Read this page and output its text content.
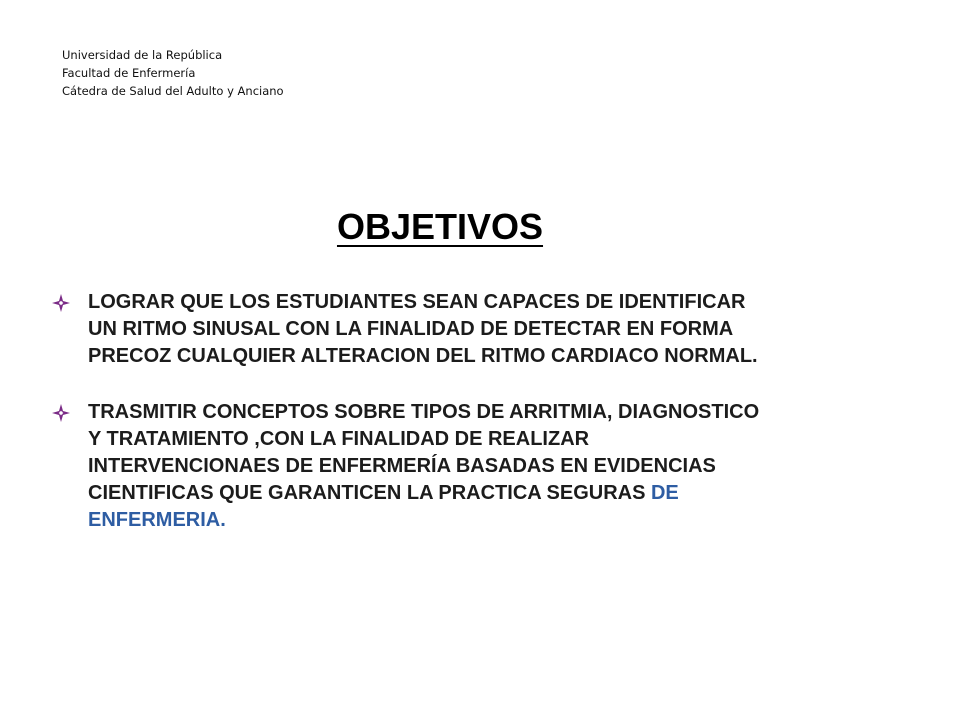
Universidad de la República
Facultad de Enfermería
Cátedra de Salud del Adulto y Anciano
OBJETIVOS
LOGRAR QUE LOS ESTUDIANTES SEAN CAPACES DE IDENTIFICAR
UN RITMO SINUSAL CON LA FINALIDAD DE DETECTAR EN FORMA
PRECOZ CUALQUIER ALTERACION DEL RITMO CARDIACO NORMAL.
TRASMITIR CONCEPTOS SOBRE TIPOS DE ARRITMIA, DIAGNOSTICO
Y TRATAMIENTO ,CON LA FINALIDAD DE REALIZAR
INTERVENCIONAES DE ENFERMERÍA BASADAS EN EVIDENCIAS
CIENTIFICAS QUE GARANTICEN LA PRACTICA SEGURAS DE
ENFERMERIA.
